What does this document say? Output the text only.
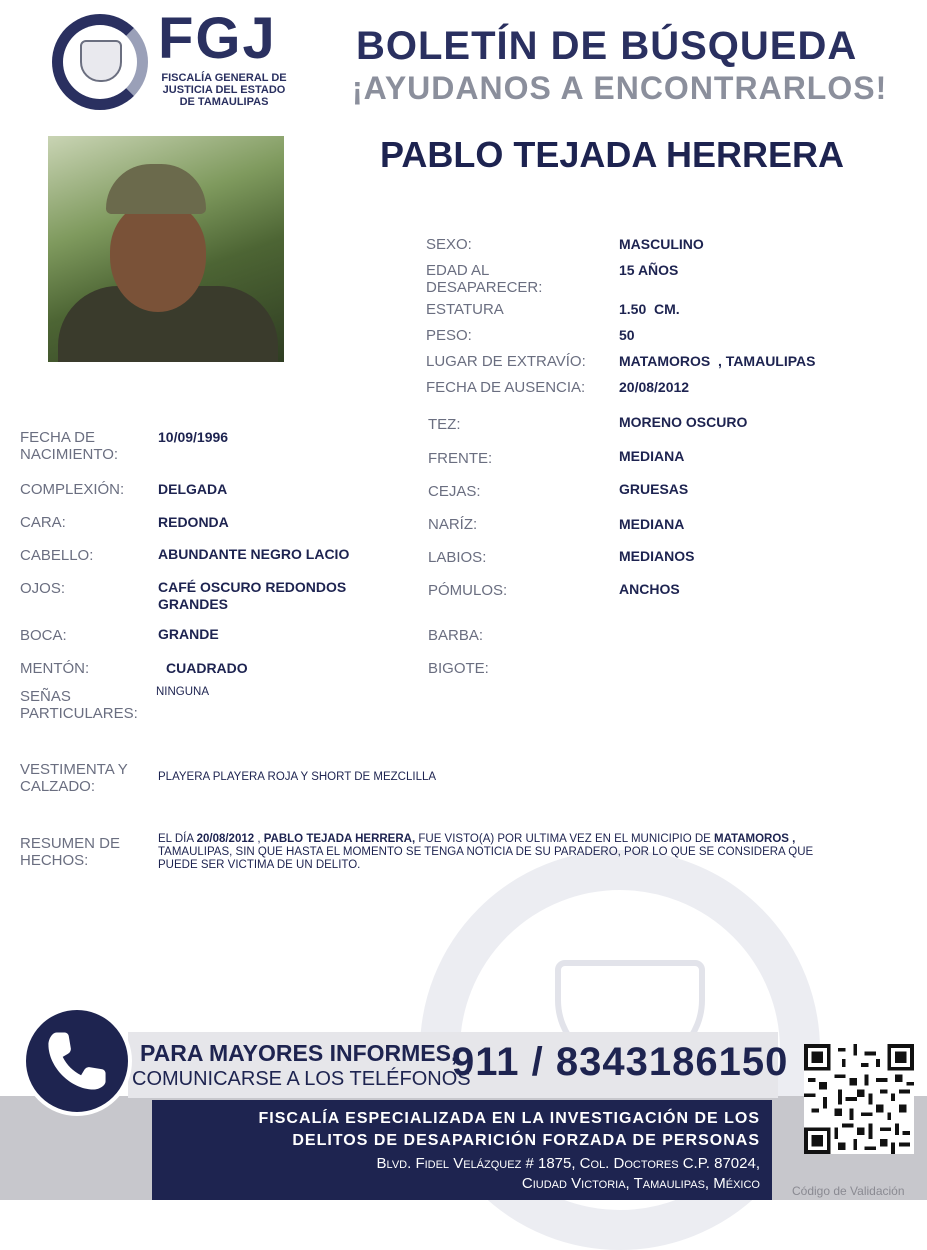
FGJ
FISCALÍA GENERAL DE
JUSTICIA DEL ESTADO
DE TAMAULIPAS
BOLETÍN DE BÚSQUEDA
¡AYUDANOS A ENCONTRARLOS!
PABLO TEJADA HERRERA
SEXO:	MASCULINO
EDAD AL
DESAPARECER:
15 AÑOS
ESTATURA	1.50  CM.
PESO:	50
LUGAR DE EXTRAVÍO: MATAMOROS  , TAMAULIPAS
FECHA DE AUSENCIA: 20/08/2012
FECHA DE
NACIMIENTO:
10/09/1996
COMPLEXIÓN: DELGADA
CARA:	REDONDA
CABELLO:	ABUNDANTE NEGRO LACIO
OJOS:	CAFÉ OSCURO REDONDOS
GRANDES
BOCA:	GRANDE
MENTÓN:	CUADRADO
SEÑAS
PARTICULARES:
NINGUNA
TEZ:	MORENO OSCURO
FRENTE:	MEDIANA
CEJAS:	GRUESAS
NARÍZ:	MEDIANA
LABIOS:	MEDIANOS
PÓMULOS:	ANCHOS
BARBA:
BIGOTE:
VESTIMENTA Y
CALZADO:
PLAYERA PLAYERA ROJA Y SHORT DE MEZCLILLA
RESUMEN DE
HECHOS:
EL DÍA 20/08/2012 , PABLO TEJADA HERRERA, FUE VISTO(A) POR ULTIMA VEZ EN EL MUNICIPIO DE MATAMOROS ,
TAMAULIPAS, SIN QUE HASTA EL MOMENTO SE TENGA NOTICIA DE SU PARADERO, POR LO QUE SE CONSIDERA QUE
PUEDE SER VICTIMA DE UN DELITO.
PARA MAYORES INFORMES,
COMUNICARSE A LOS TELÉFONOS
911 / 8343186150
FISCALÍA ESPECIALIZADA EN LA INVESTIGACIÓN DE LOS
DELITOS DE DESAPARICIÓN FORZADA DE PERSONAS
Blvd. Fidel Velázquez # 1875, Col. Doctores C.P. 87024,
Ciudad Victoria, Tamaulipas, México	Código de Validación
